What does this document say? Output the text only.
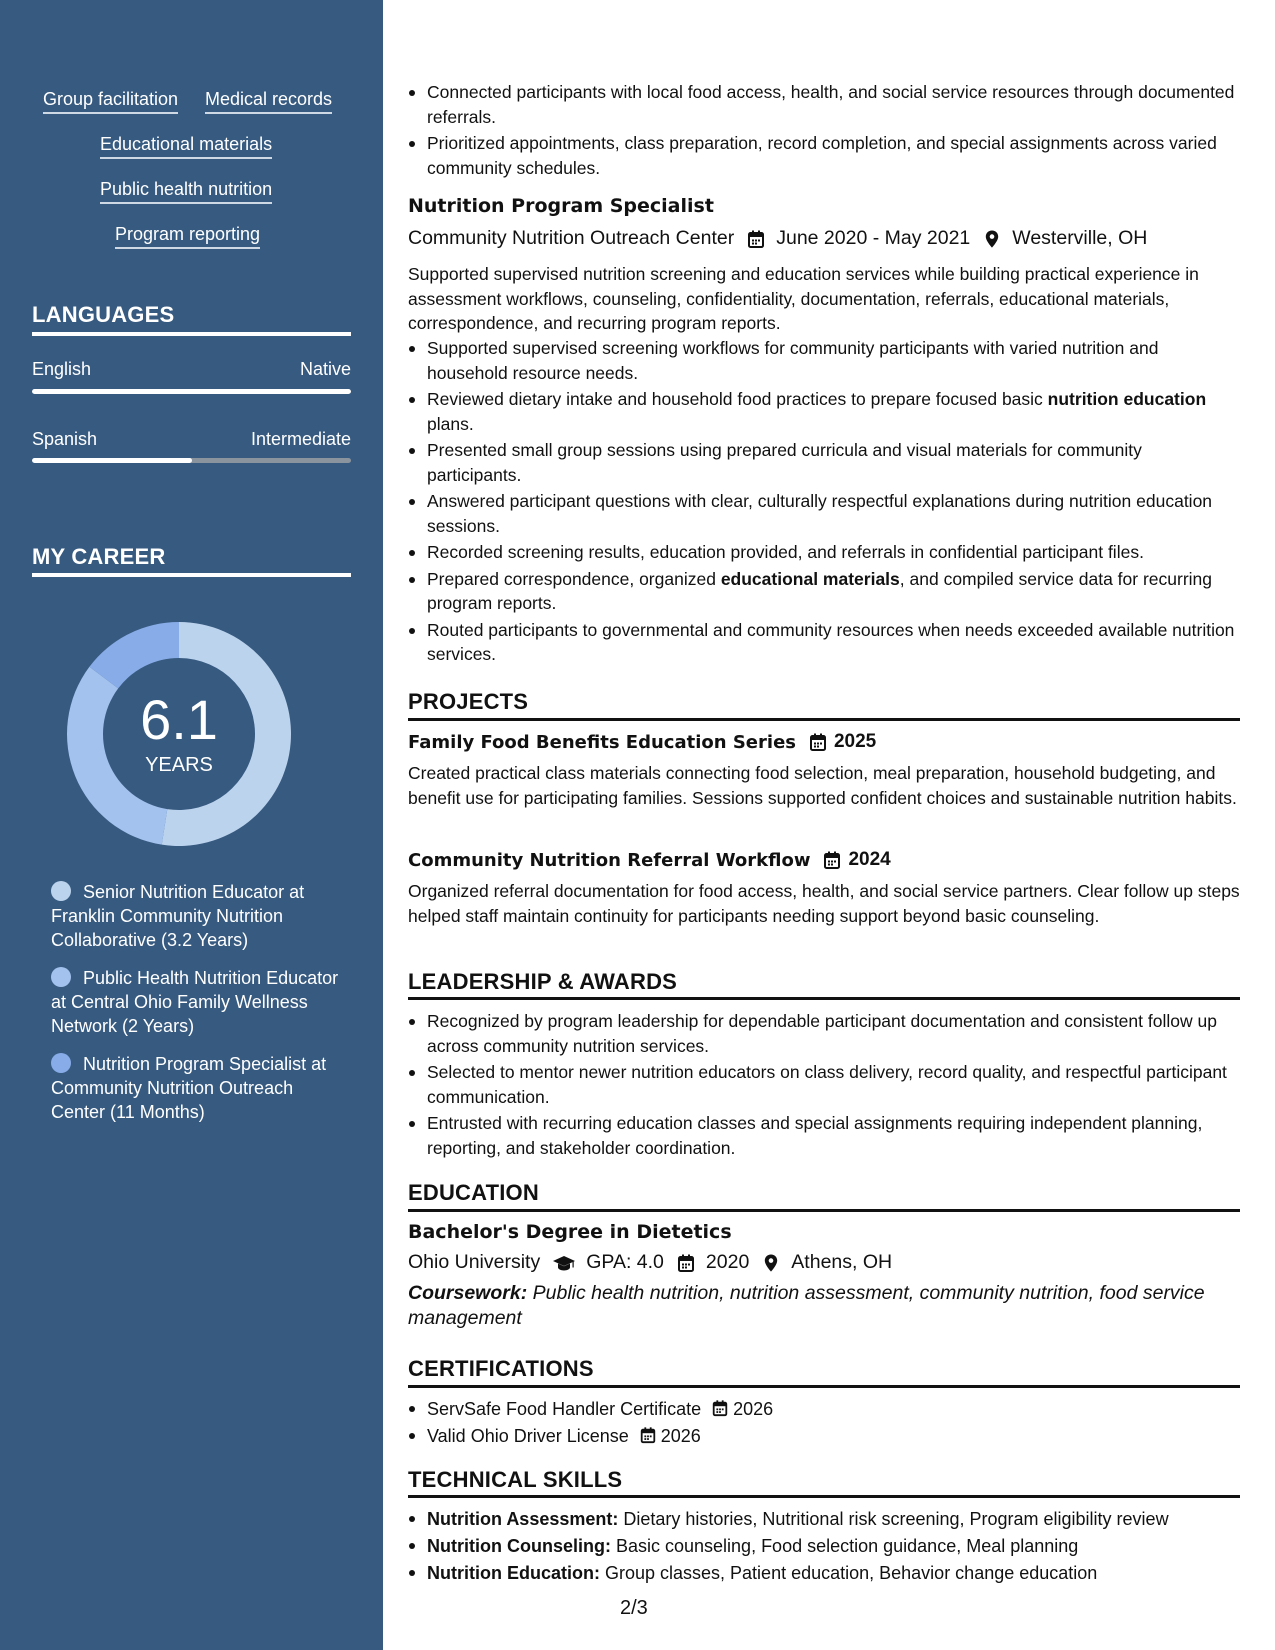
Group facilitation Medical records
Educational materials
Public health nutrition
Program reporting
LANGUAGES
English	Native
Spanish	Intermediate
MY CAREER
6.1
YEARS
Senior Nutrition Educator at Franklin Community Nutrition Collaborative (3.2 Years)
Public Health Nutrition Educator at Central Ohio Family Wellness Network (2 Years)
Nutrition Program Specialist at Community Nutrition Outreach Center (11 Months)
Connected participants with local food access, health, and social service resources through documented referrals.
Prioritized appointments, class preparation, record completion, and special assignments across varied community schedules.
Nutrition Program Specialist
Community Nutrition Outreach Center June 2020 - May 2021 Westerville, OH

Supported supervised nutrition screening and education services while building practical experience in assessment workflows, counseling, confidentiality, documentation, referrals, educational materials, correspondence, and recurring program reports.

Supported supervised screening workflows for community participants with varied nutrition and household resource needs.
Reviewed dietary intake and household food practices to prepare focused basic nutrition education plans.
Presented small group sessions using prepared curricula and visual materials for community participants.
Answered participant questions with clear, culturally respectful explanations during nutrition education sessions.
Recorded screening results, education provided, and referrals in confidential participant files.
Prepared correspondence, organized educational materials, and compiled service data for recurring program reports.
Routed participants to governmental and community resources when needs exceeded available nutrition services.
PROJECTS
Family Food Benefits Education Series 2025

Created practical class materials connecting food selection, meal preparation, household budgeting, and benefit use for participating families. Sessions supported confident choices and sustainable nutrition habits.

Community Nutrition Referral Workflow 2024

Organized referral documentation for food access, health, and social service partners. Clear follow up steps helped staff maintain continuity for participants needing support beyond basic counseling.

LEADERSHIP & AWARDS
Recognized by program leadership for dependable participant documentation and consistent follow up across community nutrition services.
Selected to mentor newer nutrition educators on class delivery, record quality, and respectful participant communication.
Entrusted with recurring education classes and special assignments requiring independent planning, reporting, and stakeholder coordination.
EDUCATION
Bachelor's Degree in Dietetics
Ohio University GPA: 4.0 2020 Athens, OH

Coursework: Public health nutrition, nutrition assessment, community nutrition, food service management

CERTIFICATIONS
ServSafe Food Handler Certificate 2026
Valid Ohio Driver License 2026
TECHNICAL SKILLS
Nutrition Assessment: Dietary histories, Nutritional risk screening, Program eligibility review
Nutrition Counseling: Basic counseling, Food selection guidance, Meal planning
Nutrition Education: Group classes, Patient education, Behavior change education
2/3
